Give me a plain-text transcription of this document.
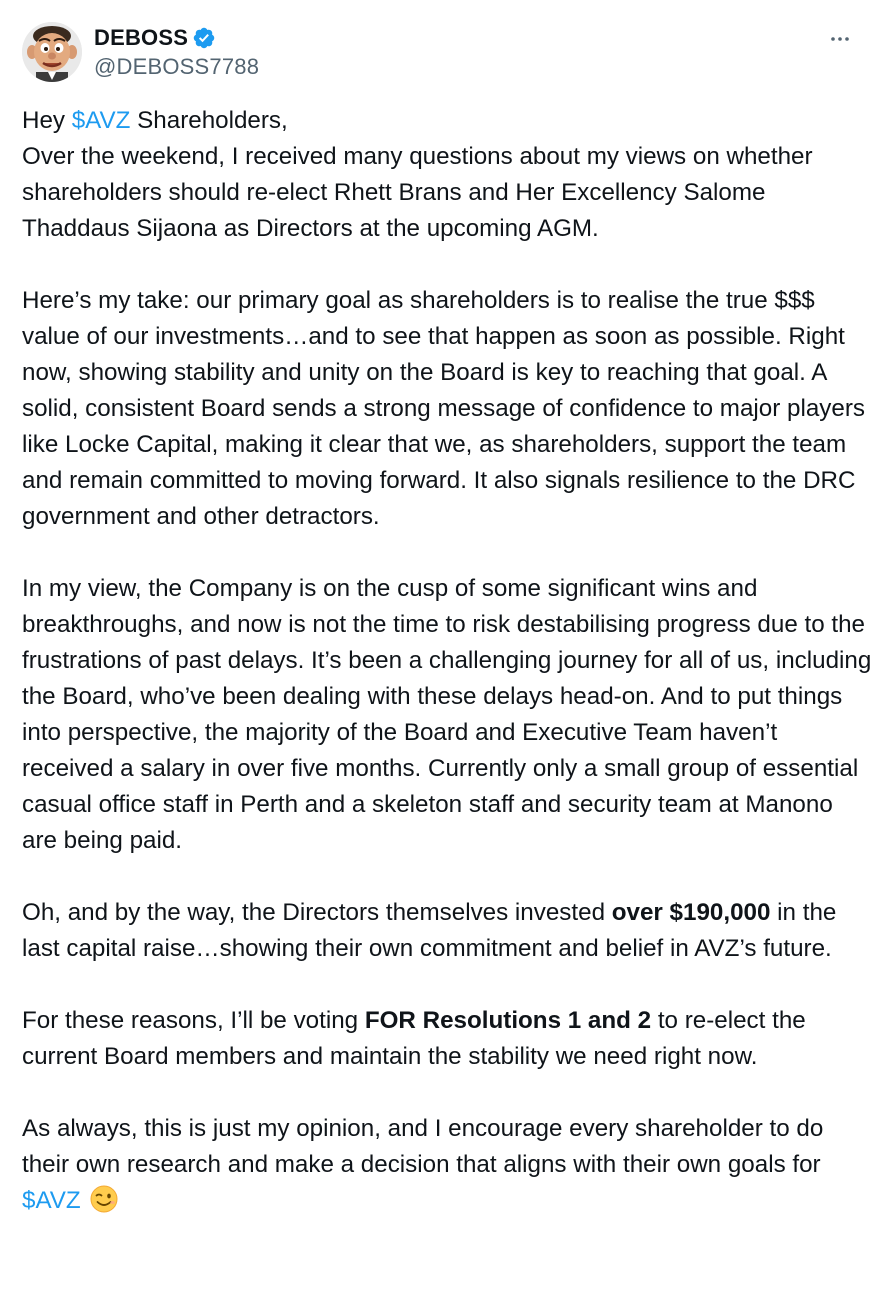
DEBOSS
@DEBOSS7788

Hey $AVZ Shareholders,

Over the weekend, I received many questions about my views on whether shareholders should re-elect Rhett Brans and Her Excellency Salome Thaddaus Sijaona as Directors at the upcoming AGM.

Here’s my take: our primary goal as shareholders is to realise the true $$$ value of our investments…and to see that happen as soon as possible. Right now, showing stability and unity on the Board is key to reaching that goal. A solid, consistent Board sends a strong message of confidence to major players like Locke Capital, making it clear that we, as shareholders, support the team and remain committed to moving forward. It also signals resilience to the DRC government and other detractors.

In my view, the Company is on the cusp of some significant wins and breakthroughs, and now is not the time to risk destabilising progress due to the frustrations of past delays. It’s been a challenging journey for all of us, including the Board, who’ve been dealing with these delays head-on. And to put things into perspective, the majority of the Board and Executive Team haven’t received a salary in over five months. Currently only a small group of essential casual office staff in Perth and a skeleton staff and security team at Manono are being paid.

Oh, and by the way, the Directors themselves invested over $190,000 in the last capital raise…showing their own commitment and belief in AVZ’s future.

For these reasons, I’ll be voting FOR Resolutions 1 and 2 to re-elect the current Board members and maintain the stability we need right now.

As always, this is just my opinion, and I encourage every shareholder to do their own research and make a decision that aligns with their own goals for $AVZ
